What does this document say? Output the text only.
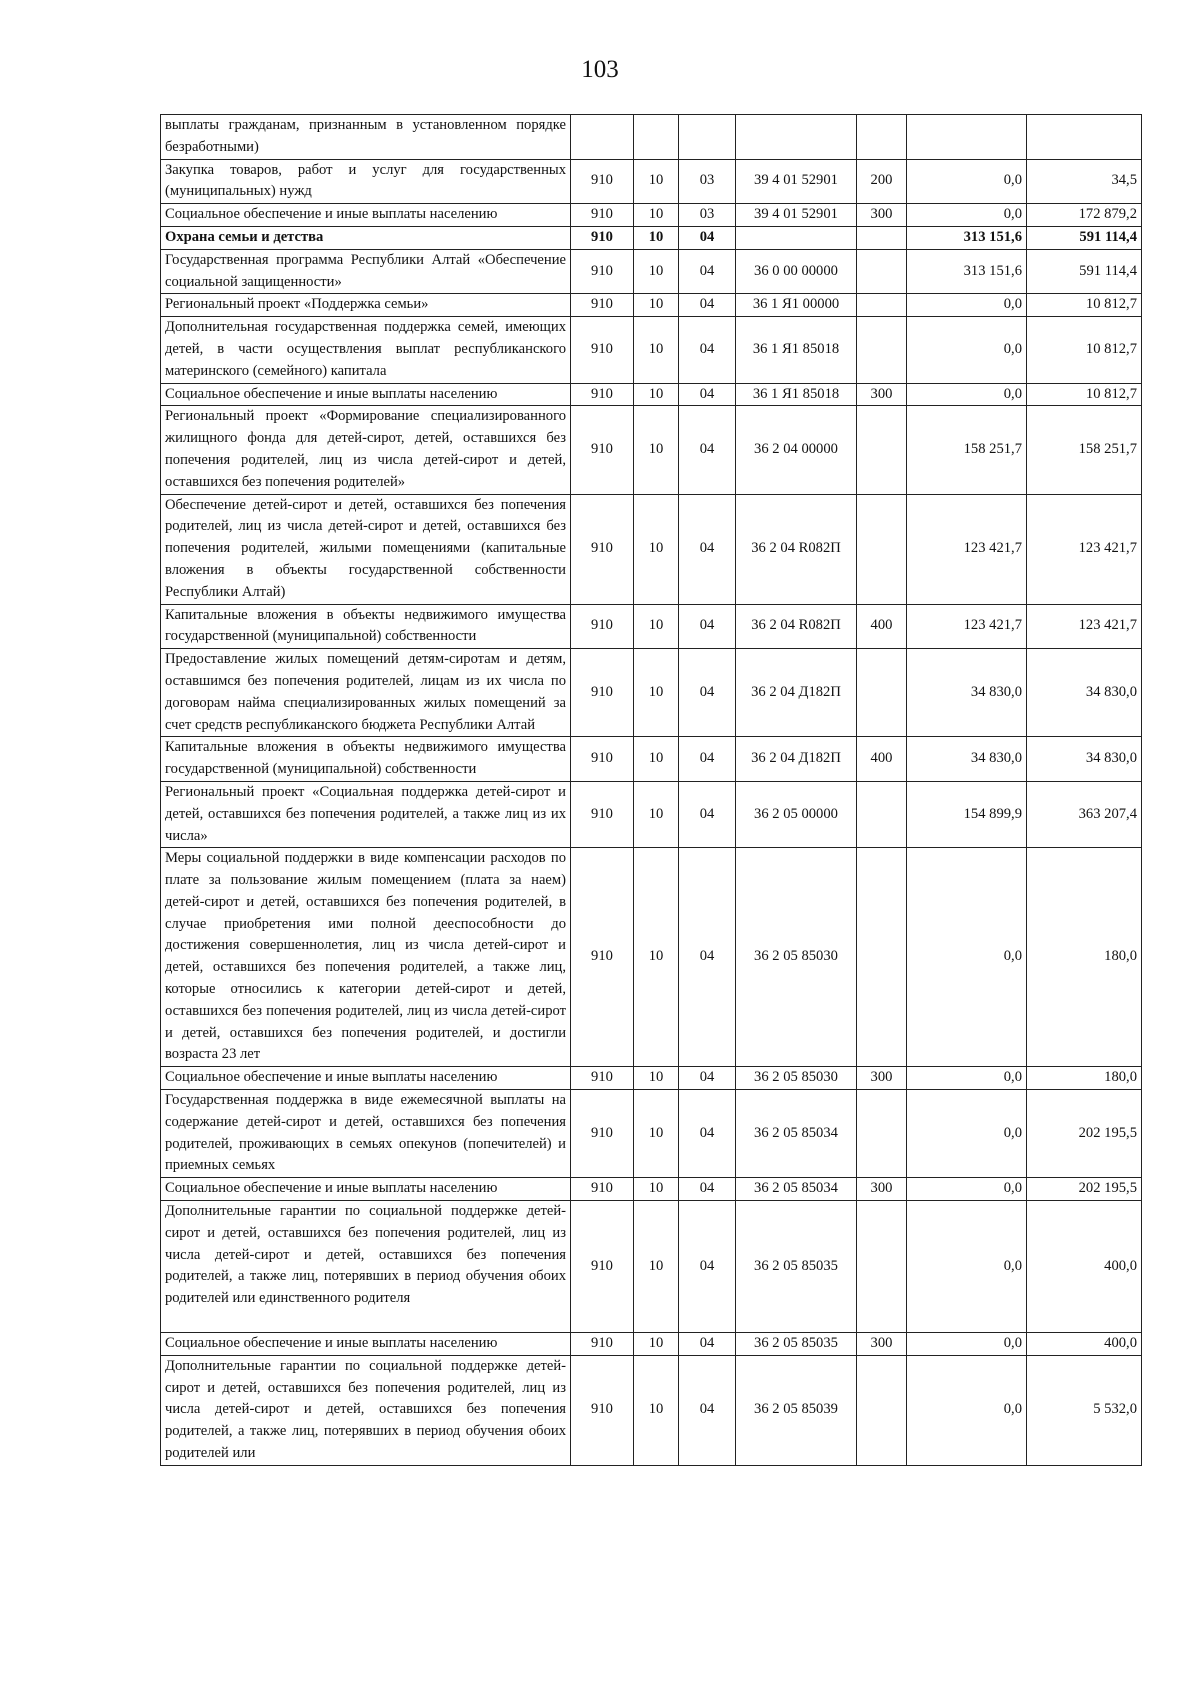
103
выплаты гражданам, признанным в установленном порядке безработными)							
Закупка товаров, работ и услуг для государственных (муниципальных) нужд	910	10	03	39 4 01 52901	200	0,0	34,5
Социальное обеспечение и иные выплаты населению	910	10	03	39 4 01 52901	300	0,0	172 879,2
Охрана семьи и детства	910	10	04			313 151,6	591 114,4
Государственная программа Республики Алтай «Обеспечение социальной защищенности»	910	10	04	36 0 00 00000		313 151,6	591 114,4
Региональный проект «Поддержка семьи»	910	10	04	36 1 Я1 00000		0,0	10 812,7
Дополнительная государственная поддержка семей, имеющих детей, в части осуществления выплат республиканского материнского (семейного) капитала	910	10	04	36 1 Я1 85018		0,0	10 812,7
Социальное обеспечение и иные выплаты населению	910	10	04	36 1 Я1 85018	300	0,0	10 812,7
Региональный проект «Формирование специализированного жилищного фонда для детей-сирот, детей, оставшихся без попечения родителей, лиц из числа детей-сирот и детей, оставшихся без попечения родителей»	910	10	04	36 2 04 00000		158 251,7	158 251,7
Обеспечение детей-сирот и детей, оставшихся без попечения родителей, лиц из числа детей-сирот и детей, оставшихся без попечения родителей, жилыми помещениями (капитальные вложения в объекты государственной собственности Республики Алтай)	910	10	04	36 2 04 R082П		123 421,7	123 421,7
Капитальные вложения в объекты недвижимого имущества государственной (муниципальной) собственности	910	10	04	36 2 04 R082П	400	123 421,7	123 421,7
Предоставление жилых помещений детям-сиротам и детям, оставшимся без попечения родителей, лицам из их числа по договорам найма специализированных жилых помещений за счет средств республиканского бюджета Республики Алтай	910	10	04	36 2 04 Д182П		34 830,0	34 830,0
Капитальные вложения в объекты недвижимого имущества государственной (муниципальной) собственности	910	10	04	36 2 04 Д182П	400	34 830,0	34 830,0
Региональный проект «Социальная поддержка детей-сирот и детей, оставшихся без попечения родителей, а также лиц из их числа»	910	10	04	36 2 05 00000		154 899,9	363 207,4
Меры социальной поддержки в виде компенсации расходов по плате за пользование жилым помещением (плата за наем) детей-сирот и детей, оставшихся без попечения родителей, в случае приобретения ими полной дееспособности до достижения совершеннолетия, лиц из числа детей-сирот и детей, оставшихся без попечения родителей, а также лиц, которые относились к категории детей-сирот и детей, оставшихся без попечения родителей, лиц из числа детей-сирот и детей, оставшихся без попечения родителей, и достигли возраста 23 лет	910	10	04	36 2 05 85030		0,0	180,0
Социальное обеспечение и иные выплаты населению	910	10	04	36 2 05 85030	300	0,0	180,0
Государственная поддержка в виде ежемесячной выплаты на содержание детей-сирот и детей, оставшихся без попечения родителей, проживающих в семьях опекунов (попечителей) и приемных семьях	910	10	04	36 2 05 85034		0,0	202 195,5
Социальное обеспечение и иные выплаты населению	910	10	04	36 2 05 85034	300	0,0	202 195,5
Дополнительные гарантии по социальной поддержке детей-сирот и детей, оставшихся без попечения родителей, лиц из числа детей-сирот и детей, оставшихся без попечения родителей, а также лиц, потерявших в период обучения обоих родителей или единственного родителя	910	10	04	36 2 05 85035		0,0	400,0
Социальное обеспечение и иные выплаты населению	910	10	04	36 2 05 85035	300	0,0	400,0
Дополнительные гарантии по социальной поддержке детей-сирот и детей, оставшихся без попечения родителей, лиц из числа детей-сирот и детей, оставшихся без попечения родителей, а также лиц, потерявших в период обучения обоих родителей или	910	10	04	36 2 05 85039		0,0	5 532,0
